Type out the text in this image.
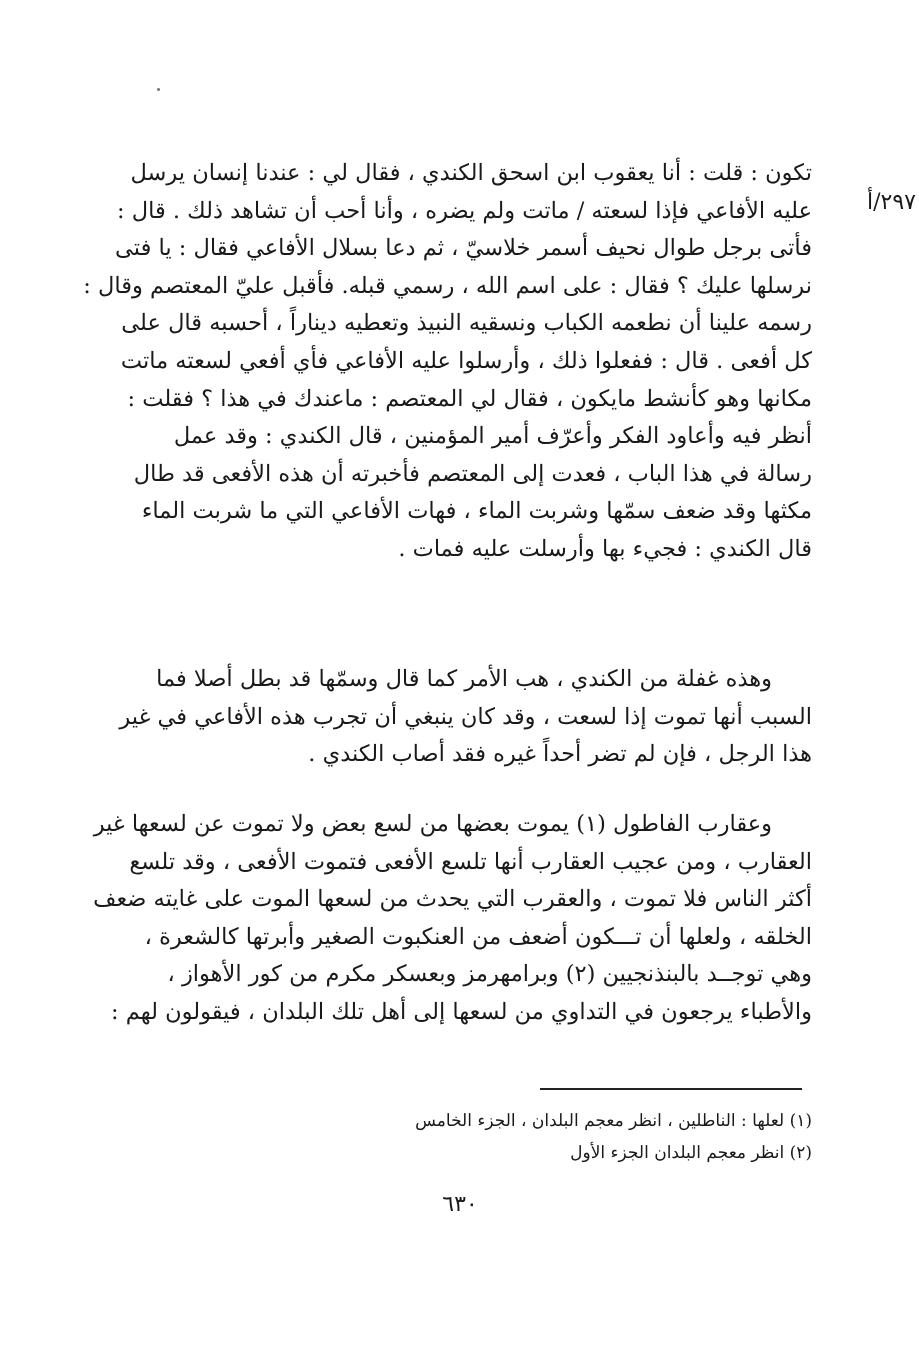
٢٩٧/أ
تكون : قلت : أنا يعقوب ابن اسحق الكندي ، فقال لي : عندنا إنسان يرسل
عليه الأفاعي فإذا لسعته / ماتت ولم يضره ، وأنا أحب أن تشاهد ذلك . قال :
فأتى برجل طوال نحيف أسمر خلاسيّ ، ثم دعا بسلال الأفاعي فقال : يا فتى
نرسلها عليك ؟ فقال : على اسم الله ، رسمي قبله. فأقبل عليّ المعتصم وقال :
رسمه علينا أن نطعمه الكباب ونسقيه النبيذ وتعطيه ديناراً ، أحسبه قال على
كل أفعى . قال : ففعلوا ذلك ، وأرسلوا عليه الأفاعي فأي أفعي لسعته ماتت
مكانها وهو كأنشط مايكون ، فقال لي المعتصم : ماعندك في هذا ؟ فقلت :
أنظر فيه وأعاود الفكر وأعرّف أمير المؤمنين ، قال الكندي : وقد عمل
رسالة في هذا الباب ، فعدت إلى المعتصم فأخبرته أن هذه الأفعى قد طال
مكثها وقد ضعف سمّها وشربت الماء ، فهات الأفاعي التي ما شربت الماء
قال الكندي : فجيء بها وأرسلت عليه فمات .
وهذه غفلة من الكندي ، هب الأمر كما قال وسمّها قد بطل أصلا فما
السبب أنها تموت إذا لسعت ، وقد كان ينبغي أن تجرب هذه الأفاعي في غير
هذا الرجل ، فإن لم تضر أحداً غيره فقد أصاب الكندي .
وعقارب الفاطول (١) يموت بعضها من لسع بعض ولا تموت عن لسعها غير
العقارب ، ومن عجيب العقارب أنها تلسع الأفعى فتموت الأفعى ، وقد تلسع
أكثر الناس فلا تموت ، والعقرب التي يحدث من لسعها الموت على غايته ضعف
الخلقه ، ولعلها أن تـــكون أضعف من العنكبوت الصغير وأبرتها كالشعرة ،
وهي توجــد بالبنذنجيين (٢) وبرامهرمز وبعسكر مكرم من كور الأهواز ،
والأطباء يرجعون في التداوي من لسعها إلى أهل تلك البلدان ، فيقولون لهم :
(١) لعلها : الناطلين ، انظر معجم البلدان ، الجزء الخامس
(٢) انظر معجم البلدان الجزء الأول
٦٣٠
